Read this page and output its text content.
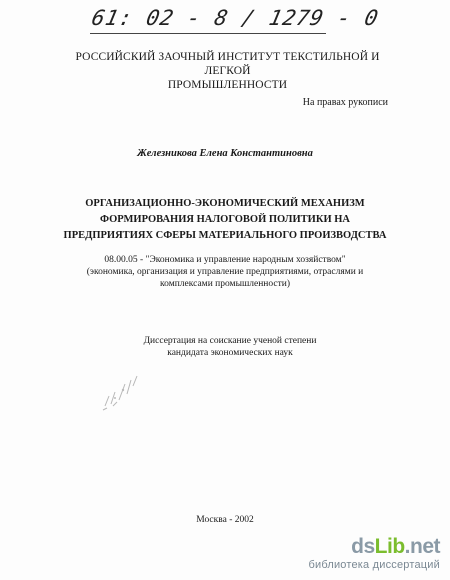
61: 02 - 8 / 1279 - 0
РОССИЙСКИЙ ЗАОЧНЫЙ ИНСТИТУТ ТЕКСТИЛЬНОЙ И ЛЕГКОЙ
ПРОМЫШЛЕННОСТИ
На правах рукописи
Железникова Елена Константиновна
ОРГАНИЗАЦИОННО-ЭКОНОМИЧЕСКИЙ МЕХАНИЗМ
ФОРМИРОВАНИЯ НАЛОГОВОЙ ПОЛИТИКИ НА
ПРЕДПРИЯТИЯХ СФЕРЫ МАТЕРИАЛЬНОГО ПРОИЗВОДСТВА
08.00.05 - "Экономика и управление народным хозяйством"
(экономика, организация и управление предприятиями, отраслями и
комплексами промышленности)
Диссертация на соискание ученой степени
кандидата экономических наук
Москва - 2002
dsLib.net
библиотека диссертаций
